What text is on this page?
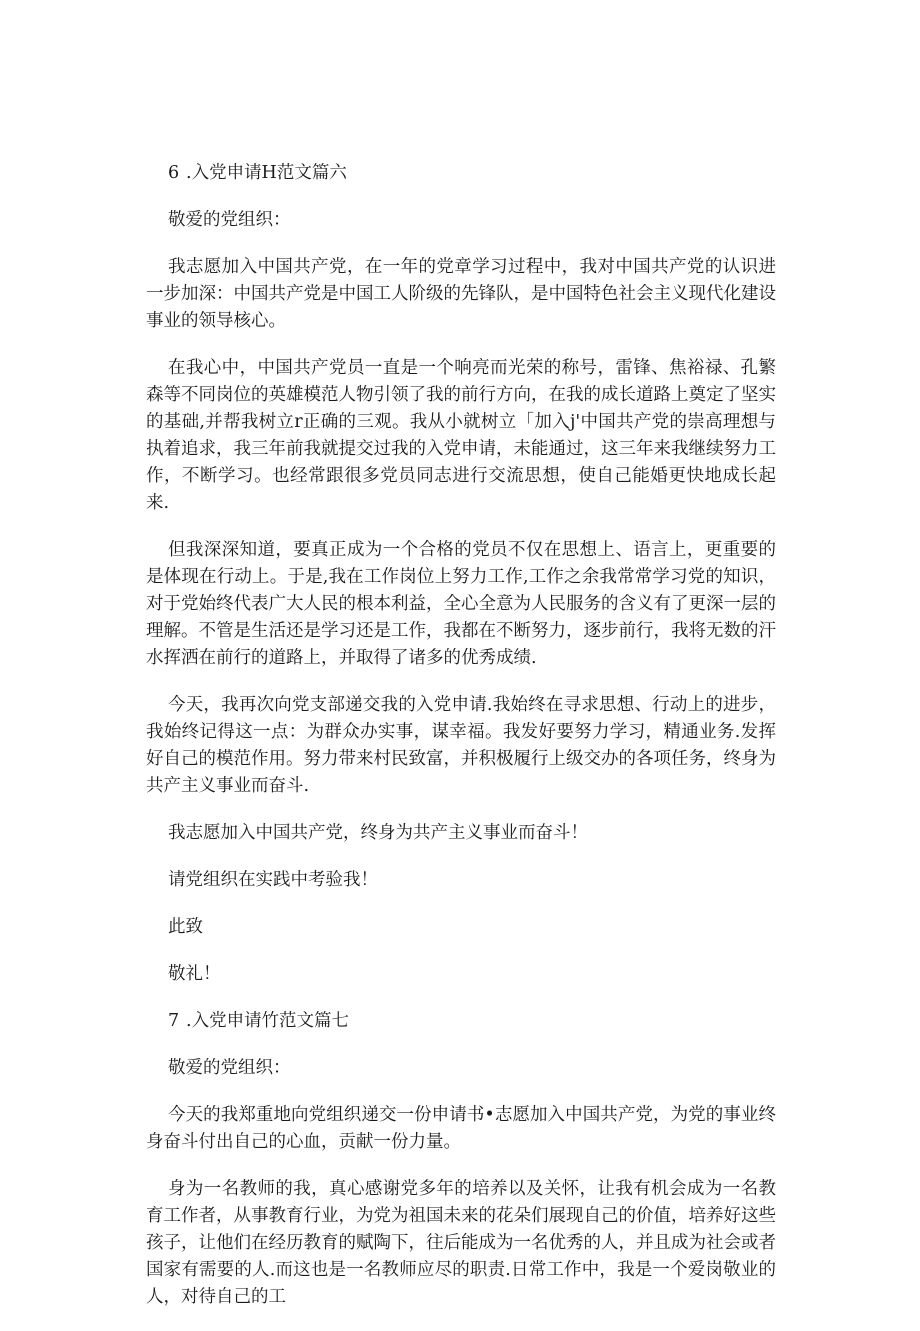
6 .入党申请H范文篇六

敬爱的党组织：

我志愿加入中国共产党，在一年的党章学习过程中，我对中国共产党的认识进一步加深：中国共产党是中国工人阶级的先锋队，是中国特色社会主义现代化建设事业的领导核心。

在我心中，中国共产党员一直是一个响亮而光荣的称号，雷锋、焦裕禄、孔繁森等不同岗位的英雄模范人物引领了我的前行方向，在我的成长道路上奠定了坚实的基础,并帮我树立r正确的三观。我从小就树立「加入j'中国共产党的崇高理想与执着追求，我三年前我就提交过我的入党申请，未能通过，这三年来我继续努力工作，不断学习。也经常跟很多党员同志进行交流思想，使自己能婚更快地成长起来.

但我深深知道，要真正成为一个合格的党员不仅在思想上、语言上，更重要的是体现在行动上。于是,我在工作岗位上努力工作,工作之余我常常学习党的知识，对于党始终代表广大人民的根本利益，全心全意为人民服务的含义有了更深一层的理解。不管是生活还是学习还是工作，我都在不断努力，逐步前行，我将无数的汗水挥洒在前行的道路上，并取得了诸多的优秀成绩.

今天，我再次向党支部递交我的入党申请.我始终在寻求思想、行动上的进步，我始终记得这一点：为群众办实事，谋幸福。我发好要努力学习，精通业务.发挥好自己的模范作用。努力带来村民致富，并积极履行上级交办的各项任务，终身为共产主义事业而奋斗.

我志愿加入中国共产党，终身为共产主义事业而奋斗！

请党组织在实践中考验我！

此致

敬礼！

7 .入党申请竹范文篇七

敬爱的党组织：

今天的我郑重地向党组织递交一份申请书•志愿加入中国共产党，为党的事业终身奋斗付出自己的心血，贡献一份力量。

身为一名教师的我，真心感谢党多年的培养以及关怀，让我有机会成为一名教育工作者，从事教育行业，为党为祖国未来的花朵们展现自己的价值，培养好这些孩子，让他们在经历教育的赋陶下，往后能成为一名优秀的人，并且成为社会或者国家有需要的人.而这也是一名教师应尽的职责.日常工作中，我是一个爱岗敬业的人，对待自己的工
